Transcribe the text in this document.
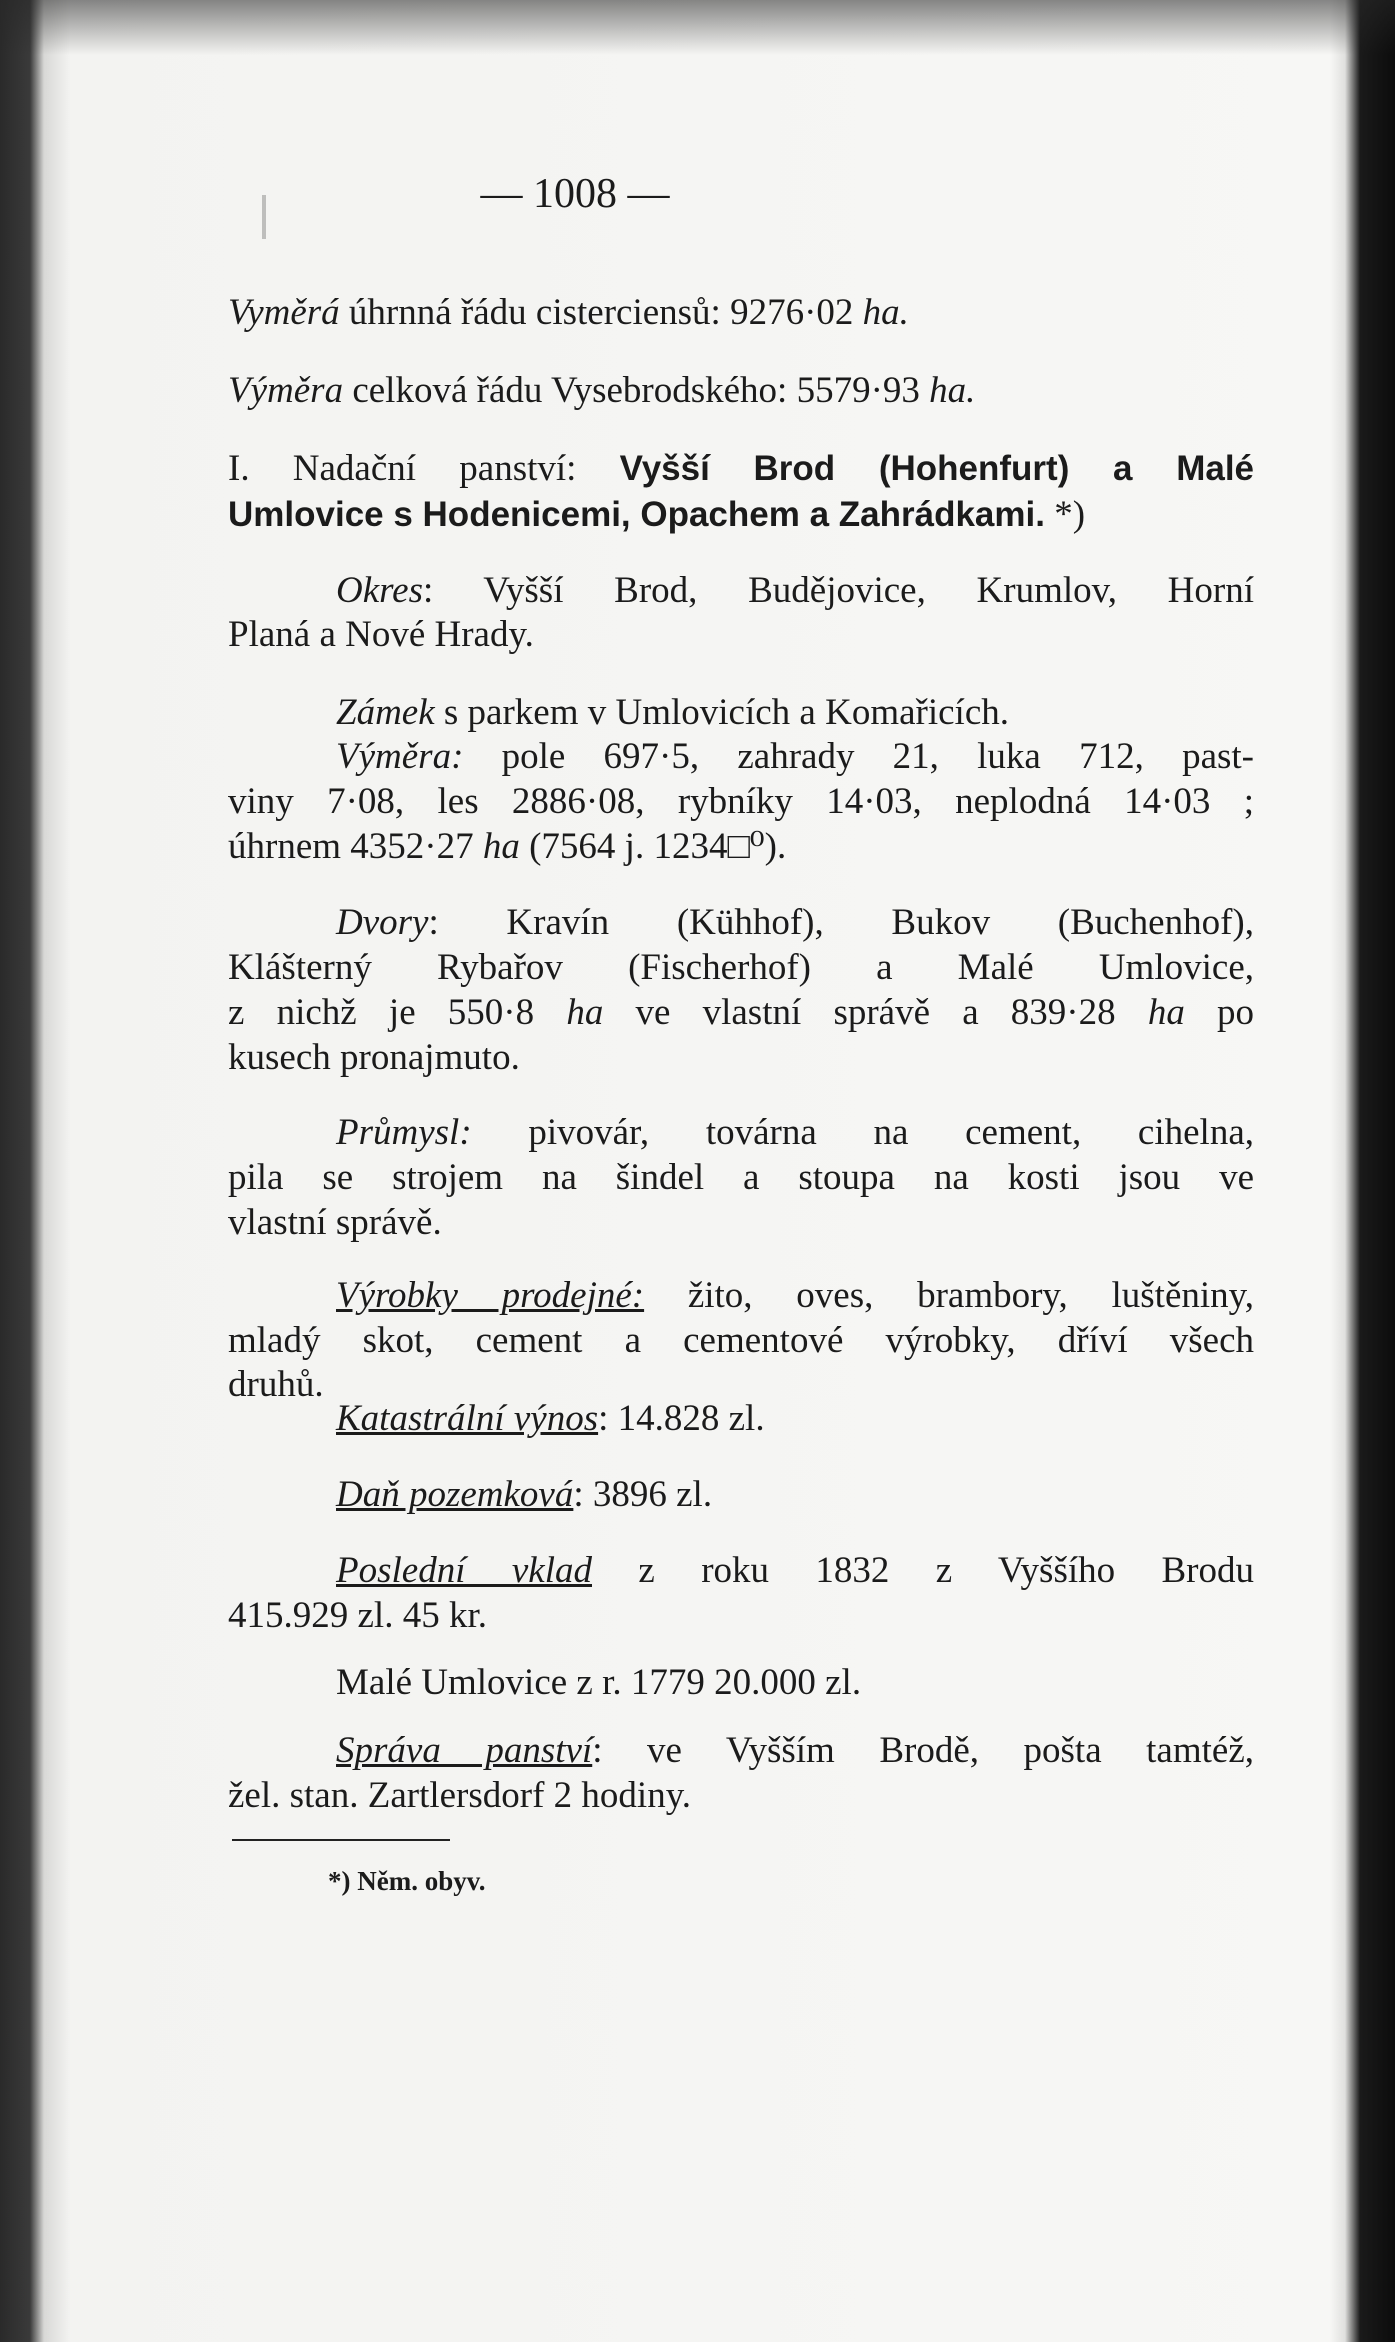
— 1008 —
Vyměrá úhrnná řádu cisterciensů: 9276·02 ha.
Výměra celková řádu Vysebrodského: 5579·93 ha.
I. Nadační panství: Vyšší Brod (Hohenfurt) a Malé
Umlovice s Hodenicemi, Opachem a Zahrádkami. *)
Okres: Vyšší Brod, Budějovice, Krumlov, Horní
Planá a Nové Hrady.
Zámek s parkem v Umlovicích a Komařicích.
Výměra: pole 697·5, zahrady 21, luka 712, past-
viny 7·08, les 2886·08, rybníky 14·03, neplodná 14·03 ;
úhrnem 4352·27 ha (7564 j. 1234□⁰).
Dvory: Kravín (Kühhof), Bukov (Buchenhof),
Klášterný Rybařov (Fischerhof) a Malé Umlovice,
z nichž je 550·8 ha ve vlastní správě a 839·28 ha po
kusech pronajmuto.
Průmysl: pivovár, továrna na cement, cihelna,
pila se strojem na šindel a stoupa na kosti jsou ve
vlastní správě.
Výrobky prodejné: žito, oves, brambory, luštěniny,
mladý skot, cement a cementové výrobky, dříví všech
druhů.
Katastrální výnos: 14.828 zl.
Daň pozemková: 3896 zl.
Poslední vklad z roku 1832 z Vyššího Brodu
415.929 zl. 45 kr.
Malé Umlovice z r. 1779 20.000 zl.
Správa panství: ve Vyšším Brodě, pošta tamtéž,
žel. stan. Zartlersdorf 2 hodiny.
*) Něm. obyv.
